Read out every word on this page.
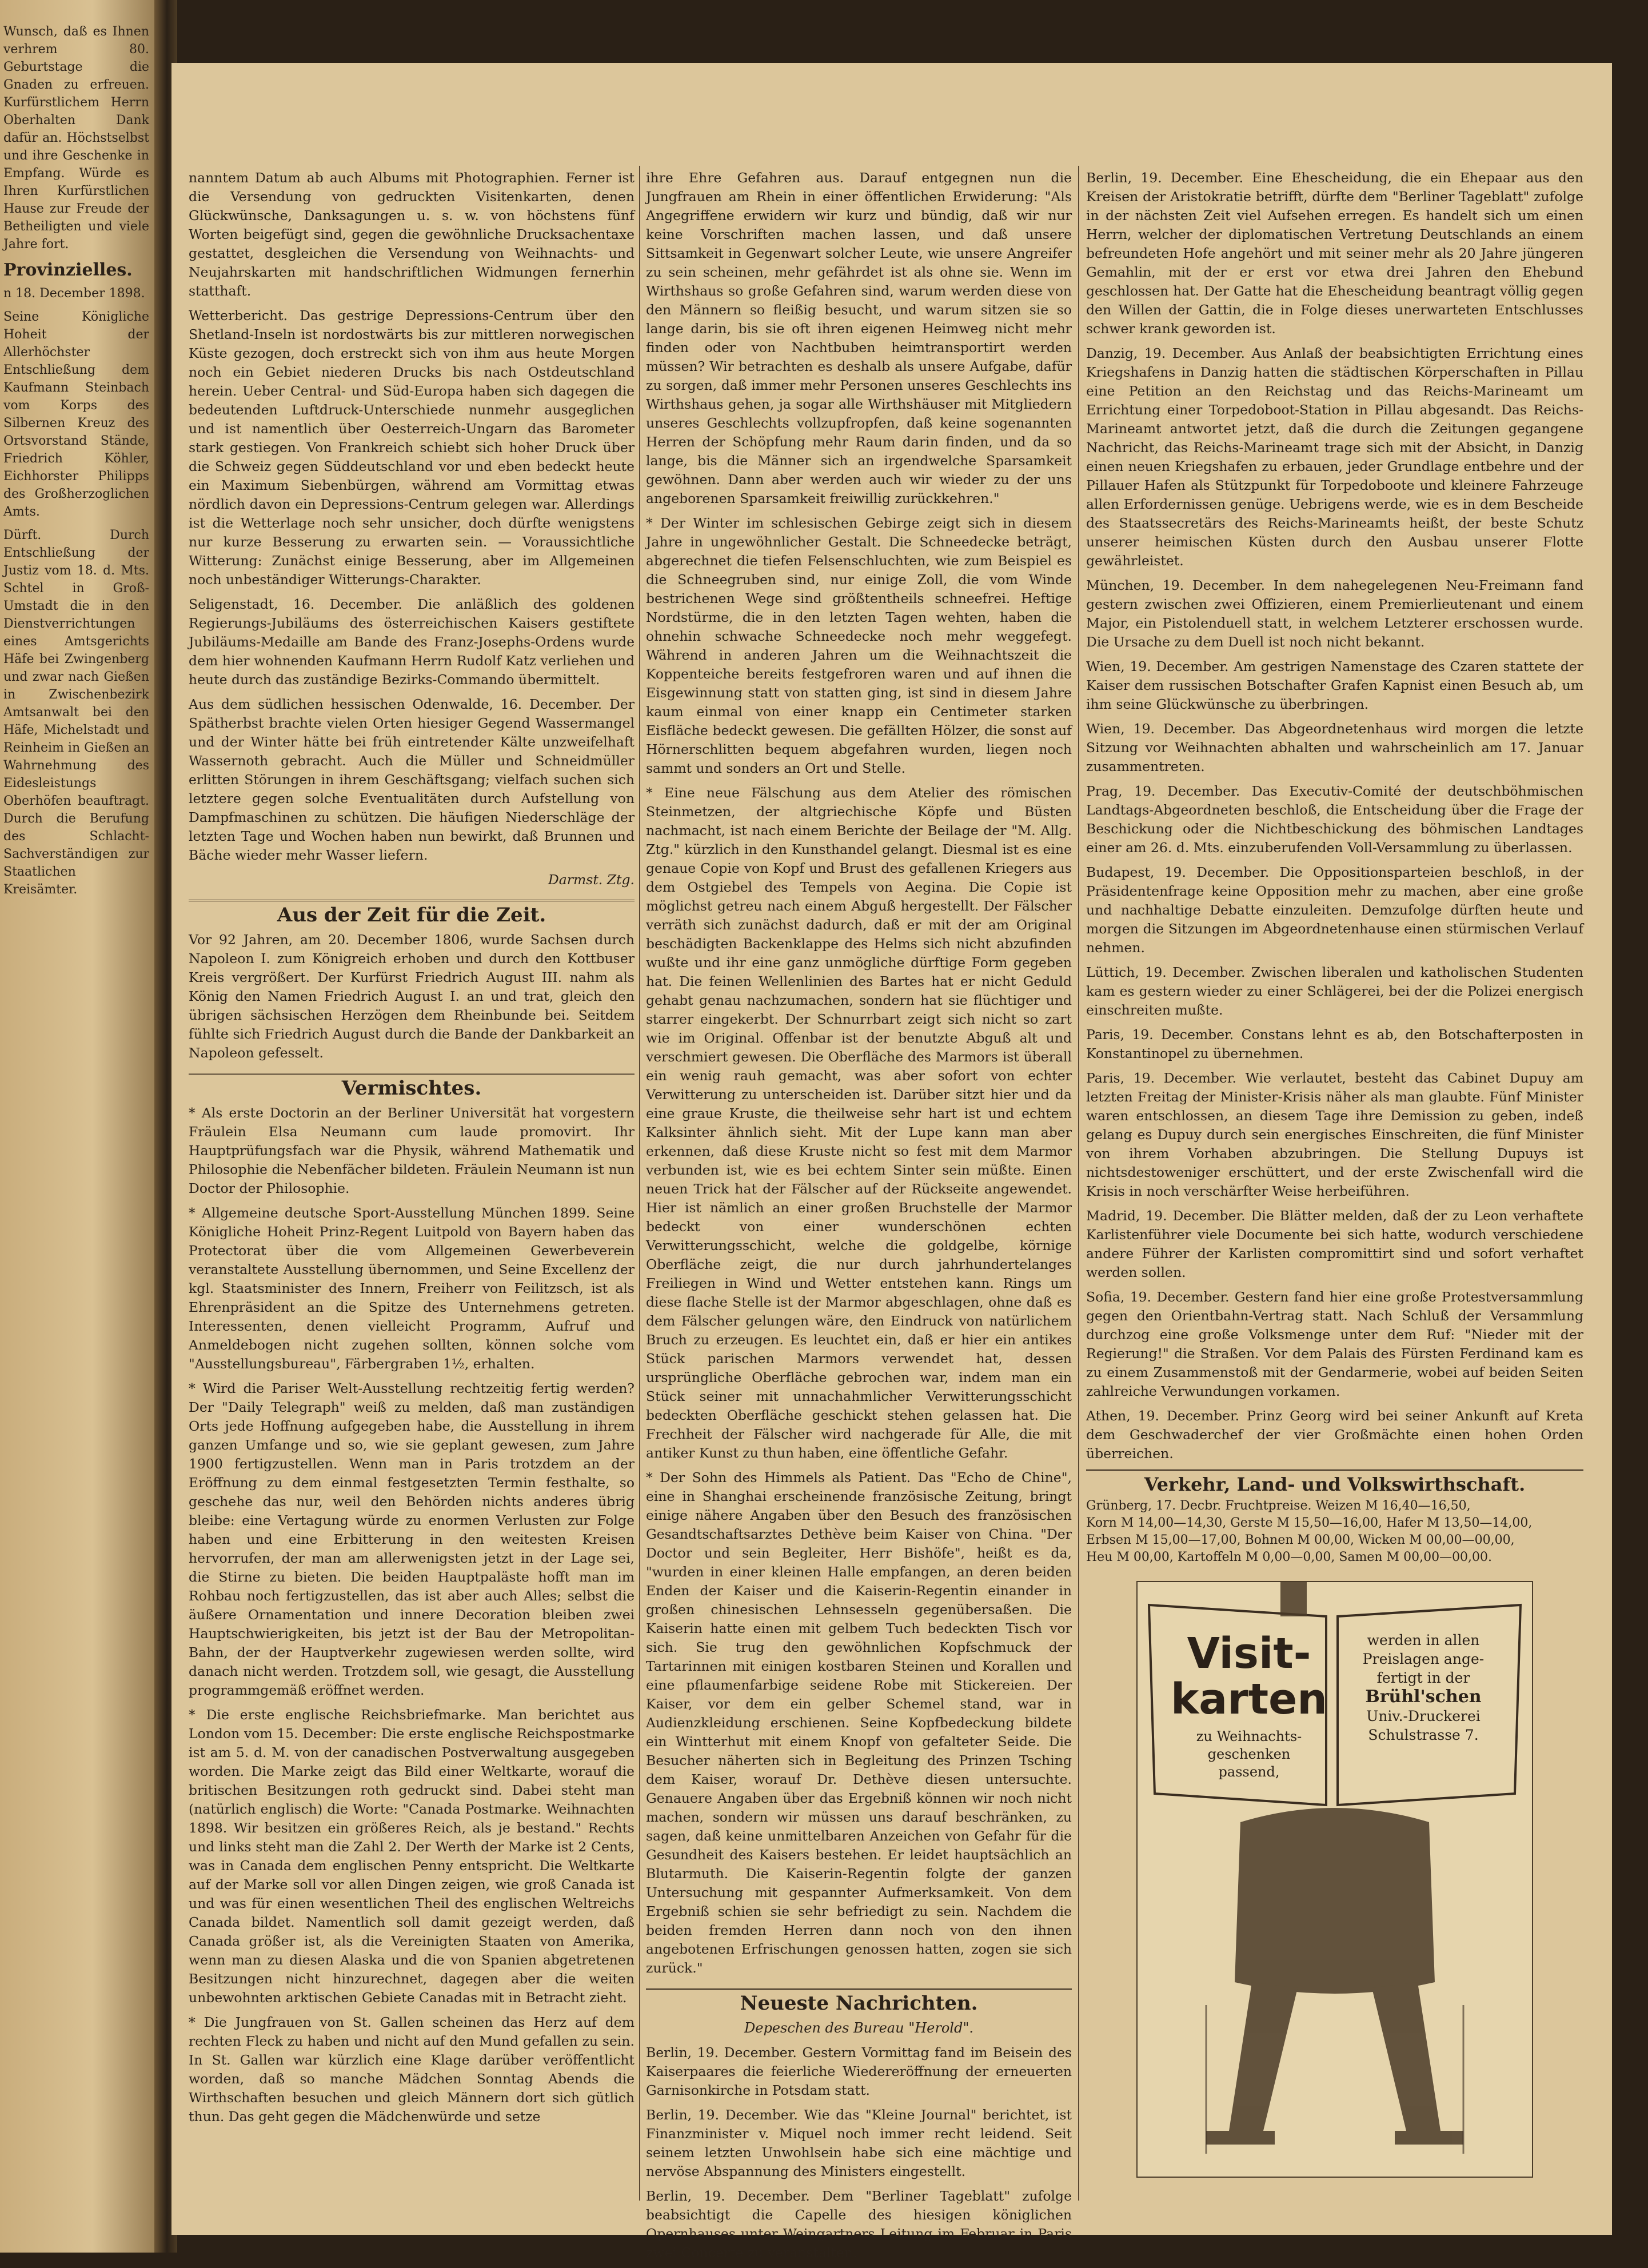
Wunsch, daß es Ihnen verhrem 80. Geburtstage die Gnaden zu erfreuen. Kurfürstlichem Herrn Oberhalten Dank dafür an. Höchstselbst und ihre Geschenke in Empfang. Würde es Ihren Kurfürstlichen Hause zur Freude der Betheiligten und viele Jahre fort.

Provinzielles.

n 18. December 1898.

Seine Königliche Hoheit der Allerhöchster Entschließung dem Kaufmann Steinbach vom Korps des Silbernen Kreuz des Ortsvorstand Stände, Friedrich Köhler, Eichhorster Philipps des Großherzoglichen Amts.

Dürft. Durch Entschließung der Justiz vom 18. d. Mts. Schtel in Groß-Umstadt die in den Dienstverrichtungen eines Amtsgerichts Häfe bei Zwingenberg und zwar nach Gießen in Zwischenbezirk Amtsanwalt bei den Häfe, Michelstadt und Reinheim in Gießen an Wahrnehmung des Eidesleistungs Oberhöfen beauftragt. Durch die Berufung des Schlacht-Sachverständigen zur Staatlichen Kreisämter.

nanntem Datum ab auch Albums mit Photographien. Ferner ist die Versendung von gedruckten Visitenkarten, denen Glückwünsche, Danksagungen u. s. w. von höchstens fünf Worten beigefügt sind, gegen die gewöhnliche Drucksachentaxe gestattet, desgleichen die Versendung von Weihnachts- und Neujahrskarten mit handschriftlichen Widmungen fernerhin statthaft.

Wetterbericht. Das gestrige Depressions-Centrum über den Shetland-Inseln ist nordostwärts bis zur mittleren norwegischen Küste gezogen, doch erstreckt sich von ihm aus heute Morgen noch ein Gebiet niederen Drucks bis nach Ostdeutschland herein. Ueber Central- und Süd-Europa haben sich dagegen die bedeutenden Luftdruck-Unterschiede nunmehr ausgeglichen und ist namentlich über Oesterreich-Ungarn das Barometer stark gestiegen. Von Frankreich schiebt sich hoher Druck über die Schweiz gegen Süddeutschland vor und eben bedeckt heute ein Maximum Siebenbürgen, während am Vormittag etwas nördlich davon ein Depressions-Centrum gelegen war. Allerdings ist die Wetterlage noch sehr unsicher, doch dürfte wenigstens nur kurze Besserung zu erwarten sein. — Voraussichtliche Witterung: Zunächst einige Besserung, aber im Allgemeinen noch unbeständiger Witterungs-Charakter.

Seligenstadt, 16. December. Die anläßlich des goldenen Regierungs-Jubiläums des österreichischen Kaisers gestiftete Jubiläums-Medaille am Bande des Franz-Josephs-Ordens wurde dem hier wohnenden Kaufmann Herrn Rudolf Katz verliehen und heute durch das zuständige Bezirks-Commando übermittelt.

Aus dem südlichen hessischen Odenwalde, 16. December. Der Spätherbst brachte vielen Orten hiesiger Gegend Wassermangel und der Winter hätte bei früh eintretender Kälte unzweifelhaft Wassernoth gebracht. Auch die Müller und Schneidmüller erlitten Störungen in ihrem Geschäftsgang; vielfach suchen sich letztere gegen solche Eventualitäten durch Aufstellung von Dampfmaschinen zu schützen. Die häufigen Niederschläge der letzten Tage und Wochen haben nun bewirkt, daß Brunnen und Bäche wieder mehr Wasser liefern.

Darmst. Ztg.
Aus der Zeit für die Zeit.

Vor 92 Jahren, am 20. December 1806, wurde Sachsen durch Napoleon I. zum Königreich erhoben und durch den Kottbuser Kreis vergrößert. Der Kurfürst Friedrich August III. nahm als König den Namen Friedrich August I. an und trat, gleich den übrigen sächsischen Herzögen dem Rheinbunde bei. Seitdem fühlte sich Friedrich August durch die Bande der Dankbarkeit an Napoleon gefesselt.

Vermischtes.

* Als erste Doctorin an der Berliner Universität hat vorgestern Fräulein Elsa Neumann cum laude promovirt. Ihr Hauptprüfungsfach war die Physik, während Mathematik und Philosophie die Nebenfächer bildeten. Fräulein Neumann ist nun Doctor der Philosophie.

* Allgemeine deutsche Sport-Ausstellung München 1899. Seine Königliche Hoheit Prinz-Regent Luitpold von Bayern haben das Protectorat über die vom Allgemeinen Gewerbeverein veranstaltete Ausstellung übernommen, und Seine Excellenz der kgl. Staatsminister des Innern, Freiherr von Feilitzsch, ist als Ehrenpräsident an die Spitze des Unternehmens getreten. Interessenten, denen vielleicht Programm, Aufruf und Anmeldebogen nicht zugehen sollten, können solche vom "Ausstellungsbureau", Färbergraben 1½, erhalten.

* Wird die Pariser Welt-Ausstellung rechtzeitig fertig werden? Der "Daily Telegraph" weiß zu melden, daß man zuständigen Orts jede Hoffnung aufgegeben habe, die Ausstellung in ihrem ganzen Umfange und so, wie sie geplant gewesen, zum Jahre 1900 fertigzustellen. Wenn man in Paris trotzdem an der Eröffnung zu dem einmal festgesetzten Termin festhalte, so geschehe das nur, weil den Behörden nichts anderes übrig bleibe: eine Vertagung würde zu enormen Verlusten zur Folge haben und eine Erbitterung in den weitesten Kreisen hervorrufen, der man am allerwenigsten jetzt in der Lage sei, die Stirne zu bieten. Die beiden Hauptpaläste hofft man im Rohbau noch fertigzustellen, das ist aber auch Alles; selbst die äußere Ornamentation und innere Decoration bleiben zwei Hauptschwierigkeiten, bis jetzt ist der Bau der Metropolitan-Bahn, der der Hauptverkehr zugewiesen werden sollte, wird danach nicht werden. Trotzdem soll, wie gesagt, die Ausstellung programmgemäß eröffnet werden.

* Die erste englische Reichsbriefmarke. Man berichtet aus London vom 15. December: Die erste englische Reichspostmarke ist am 5. d. M. von der canadischen Postverwaltung ausgegeben worden. Die Marke zeigt das Bild einer Weltkarte, worauf die britischen Besitzungen roth gedruckt sind. Dabei steht man (natürlich englisch) die Worte: "Canada Postmarke. Weihnachten 1898. Wir besitzen ein größeres Reich, als je bestand." Rechts und links steht man die Zahl 2. Der Werth der Marke ist 2 Cents, was in Canada dem englischen Penny entspricht. Die Weltkarte auf der Marke soll vor allen Dingen zeigen, wie groß Canada ist und was für einen wesentlichen Theil des englischen Weltreichs Canada bildet. Namentlich soll damit gezeigt werden, daß Canada größer ist, als die Vereinigten Staaten von Amerika, wenn man zu diesen Alaska und die von Spanien abgetretenen Besitzungen nicht hinzurechnet, dagegen aber die weiten unbewohnten arktischen Gebiete Canadas mit in Betracht zieht.

* Die Jungfrauen von St. Gallen scheinen das Herz auf dem rechten Fleck zu haben und nicht auf den Mund gefallen zu sein. In St. Gallen war kürzlich eine Klage darüber veröffentlicht worden, daß so manche Mädchen Sonntag Abends die Wirthschaften besuchen und gleich Männern dort sich gütlich thun. Das geht gegen die Mädchenwürde und setze

ihre Ehre Gefahren aus. Darauf entgegnen nun die Jungfrauen am Rhein in einer öffentlichen Erwiderung: "Als Angegriffene erwidern wir kurz und bündig, daß wir nur keine Vorschriften machen lassen, und daß unsere Sittsamkeit in Gegenwart solcher Leute, wie unsere Angreifer zu sein scheinen, mehr gefährdet ist als ohne sie. Wenn im Wirthshaus so große Gefahren sind, warum werden diese von den Männern so fleißig besucht, und warum sitzen sie so lange darin, bis sie oft ihren eigenen Heimweg nicht mehr finden oder von Nachtbuben heimtransportirt werden müssen? Wir betrachten es deshalb als unsere Aufgabe, dafür zu sorgen, daß immer mehr Personen unseres Geschlechts ins Wirthshaus gehen, ja sogar alle Wirthshäuser mit Mitgliedern unseres Geschlechts vollzupfropfen, daß keine sogenannten Herren der Schöpfung mehr Raum darin finden, und da so lange, bis die Männer sich an irgendwelche Sparsamkeit gewöhnen. Dann aber werden auch wir wieder zu der uns angeborenen Sparsamkeit freiwillig zurückkehren."

* Der Winter im schlesischen Gebirge zeigt sich in diesem Jahre in ungewöhnlicher Gestalt. Die Schneedecke beträgt, abgerechnet die tiefen Felsenschluchten, wie zum Beispiel es die Schneegruben sind, nur einige Zoll, die vom Winde bestrichenen Wege sind größtentheils schneefrei. Heftige Nordstürme, die in den letzten Tagen wehten, haben die ohnehin schwache Schneedecke noch mehr weggefegt. Während in anderen Jahren um die Weihnachtszeit die Koppenteiche bereits festgefroren waren und auf ihnen die Eisgewinnung statt von statten ging, ist sind in diesem Jahre kaum einmal von einer knapp ein Centimeter starken Eisfläche bedeckt gewesen. Die gefällten Hölzer, die sonst auf Hörnerschlitten bequem abgefahren wurden, liegen noch sammt und sonders an Ort und Stelle.

* Eine neue Fälschung aus dem Atelier des römischen Steinmetzen, der altgriechische Köpfe und Büsten nachmacht, ist nach einem Berichte der Beilage der "M. Allg. Ztg." kürzlich in den Kunsthandel gelangt. Diesmal ist es eine genaue Copie von Kopf und Brust des gefallenen Kriegers aus dem Ostgiebel des Tempels von Aegina. Die Copie ist möglichst getreu nach einem Abguß hergestellt. Der Fälscher verräth sich zunächst dadurch, daß er mit der am Original beschädigten Backenklappe des Helms sich nicht abzufinden wußte und ihr eine ganz unmögliche dürftige Form gegeben hat. Die feinen Wellenlinien des Bartes hat er nicht Geduld gehabt genau nachzumachen, sondern hat sie flüchtiger und starrer eingekerbt. Der Schnurrbart zeigt sich nicht so zart wie im Original. Offenbar ist der benutzte Abguß alt und verschmiert gewesen. Die Oberfläche des Marmors ist überall ein wenig rauh gemacht, was aber sofort von echter Verwitterung zu unterscheiden ist. Darüber sitzt hier und da eine graue Kruste, die theilweise sehr hart ist und echtem Kalksinter ähnlich sieht. Mit der Lupe kann man aber erkennen, daß diese Kruste nicht so fest mit dem Marmor verbunden ist, wie es bei echtem Sinter sein müßte. Einen neuen Trick hat der Fälscher auf der Rückseite angewendet. Hier ist nämlich an einer großen Bruchstelle der Marmor bedeckt von einer wunderschönen echten Verwitterungsschicht, welche die goldgelbe, körnige Oberfläche zeigt, die nur durch jahrhundertelanges Freiliegen in Wind und Wetter entstehen kann. Rings um diese flache Stelle ist der Marmor abgeschlagen, ohne daß es dem Fälscher gelungen wäre, den Eindruck von natürlichem Bruch zu erzeugen. Es leuchtet ein, daß er hier ein antikes Stück parischen Marmors verwendet hat, dessen ursprüngliche Oberfläche gebrochen war, indem man ein Stück seiner mit unnachahmlicher Verwitterungsschicht bedeckten Oberfläche geschickt stehen gelassen hat. Die Frechheit der Fälscher wird nachgerade für Alle, die mit antiker Kunst zu thun haben, eine öffentliche Gefahr.

* Der Sohn des Himmels als Patient. Das "Echo de Chine", eine in Shanghai erscheinende französische Zeitung, bringt einige nähere Angaben über den Besuch des französischen Gesandtschaftsarztes Dethève beim Kaiser von China. "Der Doctor und sein Begleiter, Herr Bishöfe", heißt es da, "wurden in einer kleinen Halle empfangen, an deren beiden Enden der Kaiser und die Kaiserin-Regentin einander in großen chinesischen Lehnsesseln gegenübersaßen. Die Kaiserin hatte einen mit gelbem Tuch bedeckten Tisch vor sich. Sie trug den gewöhnlichen Kopfschmuck der Tartarinnen mit einigen kostbaren Steinen und Korallen und eine pflaumenfarbige seidene Robe mit Stickereien. Der Kaiser, vor dem ein gelber Schemel stand, war in Audienzkleidung erschienen. Seine Kopfbedeckung bildete ein Wintterhut mit einem Knopf von gefalteter Seide. Die Besucher näherten sich in Begleitung des Prinzen Tsching dem Kaiser, worauf Dr. Dethève diesen untersuchte. Genauere Angaben über das Ergebniß können wir noch nicht machen, sondern wir müssen uns darauf beschränken, zu sagen, daß keine unmittelbaren Anzeichen von Gefahr für die Gesundheit des Kaisers bestehen. Er leidet hauptsächlich an Blutarmuth. Die Kaiserin-Regentin folgte der ganzen Untersuchung mit gespannter Aufmerksamkeit. Von dem Ergebniß schien sie sehr befriedigt zu sein. Nachdem die beiden fremden Herren dann noch von den ihnen angebotenen Erfrischungen genossen hatten, zogen sie sich zurück."

Neueste Nachrichten.
Depeschen des Bureau "Herold".

Berlin, 19. December. Gestern Vormittag fand im Beisein des Kaiserpaares die feierliche Wiedereröffnung der erneuerten Garnisonkirche in Potsdam statt.

Berlin, 19. December. Wie das "Kleine Journal" berichtet, ist Finanzminister v. Miquel noch immer recht leidend. Seit seinem letzten Unwohlsein habe sich eine mächtige und nervöse Abspannung des Ministers eingestellt.

Berlin, 19. December. Dem "Berliner Tageblatt" zufolge beabsichtigt die Capelle des hiesigen königlichen Opernhauses unter Weingartners Leitung im Februar in Paris zwei Concerte zu veranstalten.

Berlin, 19. December. Eine Ehescheidung, die ein Ehepaar aus den Kreisen der Aristokratie betrifft, dürfte dem "Berliner Tageblatt" zufolge in der nächsten Zeit viel Aufsehen erregen. Es handelt sich um einen Herrn, welcher der diplomatischen Vertretung Deutschlands an einem befreundeten Hofe angehört und mit seiner mehr als 20 Jahre jüngeren Gemahlin, mit der er erst vor etwa drei Jahren den Ehebund geschlossen hat. Der Gatte hat die Ehescheidung beantragt völlig gegen den Willen der Gattin, die in Folge dieses unerwarteten Entschlusses schwer krank geworden ist.

Danzig, 19. December. Aus Anlaß der beabsichtigten Errichtung eines Kriegshafens in Danzig hatten die städtischen Körperschaften in Pillau eine Petition an den Reichstag und das Reichs-Marineamt um Errichtung einer Torpedoboot-Station in Pillau abgesandt. Das Reichs-Marineamt antwortet jetzt, daß die durch die Zeitungen gegangene Nachricht, das Reichs-Marineamt trage sich mit der Absicht, in Danzig einen neuen Kriegshafen zu erbauen, jeder Grundlage entbehre und der Pillauer Hafen als Stützpunkt für Torpedoboote und kleinere Fahrzeuge allen Erfordernissen genüge. Uebrigens werde, wie es in dem Bescheide des Staatssecretärs des Reichs-Marineamts heißt, der beste Schutz unserer heimischen Küsten durch den Ausbau unserer Flotte gewährleistet.

München, 19. December. In dem nahegelegenen Neu-Freimann fand gestern zwischen zwei Offizieren, einem Premierlieutenant und einem Major, ein Pistolenduell statt, in welchem Letzterer erschossen wurde. Die Ursache zu dem Duell ist noch nicht bekannt.

Wien, 19. December. Am gestrigen Namenstage des Czaren stattete der Kaiser dem russischen Botschafter Grafen Kapnist einen Besuch ab, um ihm seine Glückwünsche zu überbringen.

Wien, 19. December. Das Abgeordnetenhaus wird morgen die letzte Sitzung vor Weihnachten abhalten und wahrscheinlich am 17. Januar zusammentreten.

Prag, 19. December. Das Executiv-Comité der deutschböhmischen Landtags-Abgeordneten beschloß, die Entscheidung über die Frage der Beschickung oder die Nichtbeschickung des böhmischen Landtages einer am 26. d. Mts. einzuberufenden Voll-Versammlung zu überlassen.

Budapest, 19. December. Die Oppositionsparteien beschloß, in der Präsidentenfrage keine Opposition mehr zu machen, aber eine große und nachhaltige Debatte einzuleiten. Demzufolge dürften heute und morgen die Sitzungen im Abgeordnetenhause einen stürmischen Verlauf nehmen.

Lüttich, 19. December. Zwischen liberalen und katholischen Studenten kam es gestern wieder zu einer Schlägerei, bei der die Polizei energisch einschreiten mußte.

Paris, 19. December. Constans lehnt es ab, den Botschafterposten in Konstantinopel zu übernehmen.

Paris, 19. December. Wie verlautet, besteht das Cabinet Dupuy am letzten Freitag der Minister-Krisis näher als man glaubte. Fünf Minister waren entschlossen, an diesem Tage ihre Demission zu geben, indeß gelang es Dupuy durch sein energisches Einschreiten, die fünf Minister von ihrem Vorhaben abzubringen. Die Stellung Dupuys ist nichtsdestoweniger erschüttert, und der erste Zwischenfall wird die Krisis in noch verschärfter Weise herbeiführen.

Madrid, 19. December. Die Blätter melden, daß der zu Leon verhaftete Karlistenführer viele Documente bei sich hatte, wodurch verschiedene andere Führer der Karlisten compromittirt sind und sofort verhaftet werden sollen.

Sofia, 19. December. Gestern fand hier eine große Protestversammlung gegen den Orientbahn-Vertrag statt. Nach Schluß der Versammlung durchzog eine große Volksmenge unter dem Ruf: "Nieder mit der Regierung!" die Straßen. Vor dem Palais des Fürsten Ferdinand kam es zu einem Zusammenstoß mit der Gendarmerie, wobei auf beiden Seiten zahlreiche Verwundungen vorkamen.

Athen, 19. December. Prinz Georg wird bei seiner Ankunft auf Kreta dem Geschwaderchef der vier Großmächte einen hohen Orden überreichen.

Verkehr, Land- und Volkswirthschaft.
Grünberg, 17. Decbr. Fruchtpreise. Weizen M 16,40—16,50,
Korn M 14,00—14,30, Gerste M 15,50—16,00, Hafer M 13,50—14,00,
Erbsen M 15,00—17,00, Bohnen M 00,00, Wicken M 00,00—00,00,
Heu M 00,00, Kartoffeln M 0,00—0,00, Samen M 00,00—00,00.
Visit-
karten
zu Weihnachts-
geschenken
passend,
werden in allen
Preislagen ange-
fertigt in der
Brühl'schen
Univ.-Druckerei
Schulstrasse 7.
